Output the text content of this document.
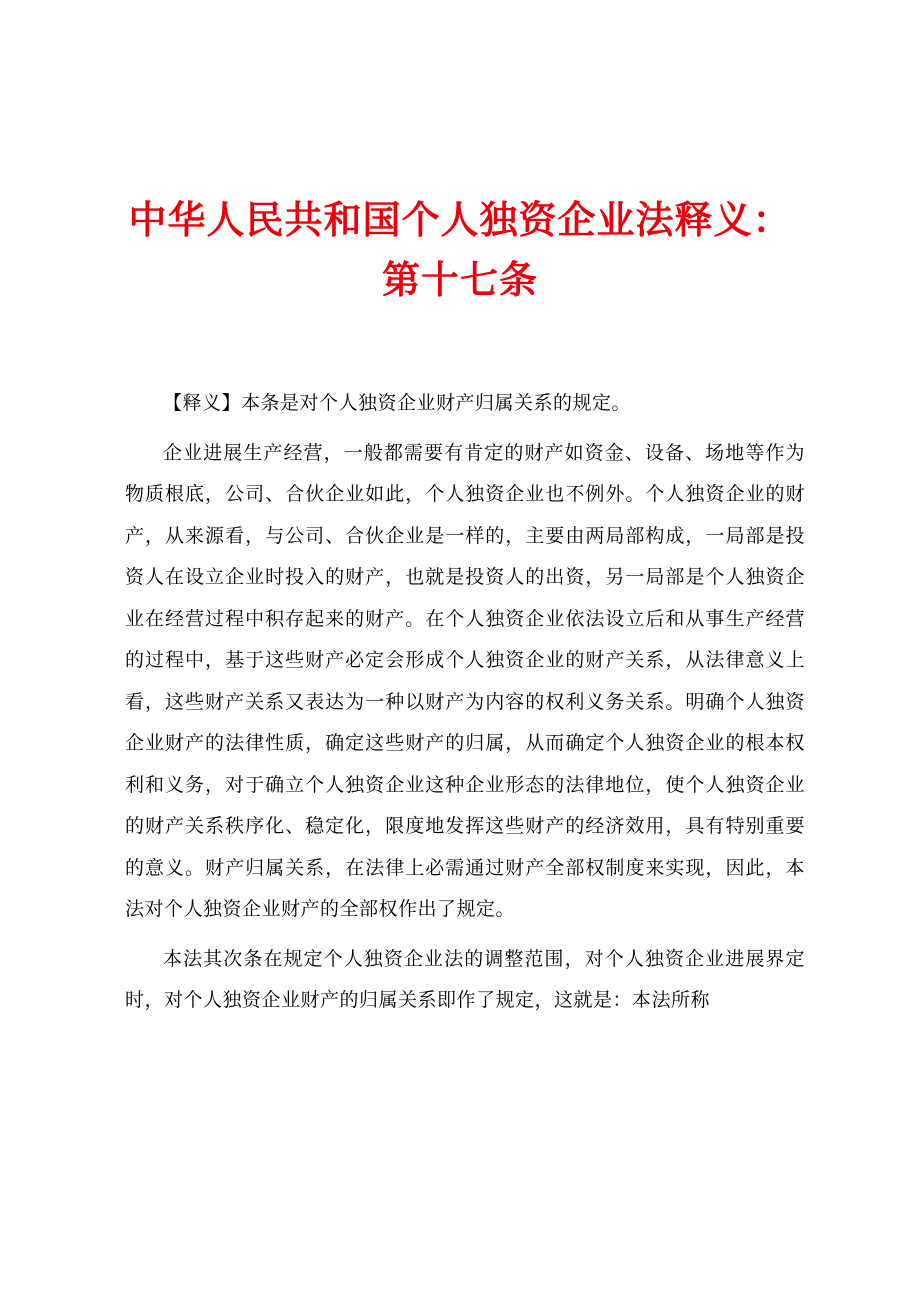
中华人民共和国个人独资企业法释义：第十七条

【释义】本条是对个人独资企业财产归属关系的规定。

企业进展生产经营，一般都需要有肯定的财产如资金、设备、场地等作为物质根底，公司、合伙企业如此，个人独资企业也不例外。个人独资企业的财产，从来源看，与公司、合伙企业是一样的，主要由两局部构成，一局部是投资人在设立企业时投入的财产，也就是投资人的出资，另一局部是个人独资企业在经营过程中积存起来的财产。在个人独资企业依法设立后和从事生产经营的过程中，基于这些财产必定会形成个人独资企业的财产关系，从法律意义上看，这些财产关系又表达为一种以财产为内容的权利义务关系。明确个人独资企业财产的法律性质，确定这些财产的归属，从而确定个人独资企业的根本权利和义务，对于确立个人独资企业这种企业形态的法律地位，使个人独资企业的财产关系秩序化、稳定化，限度地发挥这些财产的经济效用，具有特别重要的意义。财产归属关系，在法律上必需通过财产全部权制度来实现，因此，本法对个人独资企业财产的全部权作出了规定。

本法其次条在规定个人独资企业法的调整范围，对个人独资企业进展界定时，对个人独资企业财产的归属关系即作了规定，这就是：本法所称
